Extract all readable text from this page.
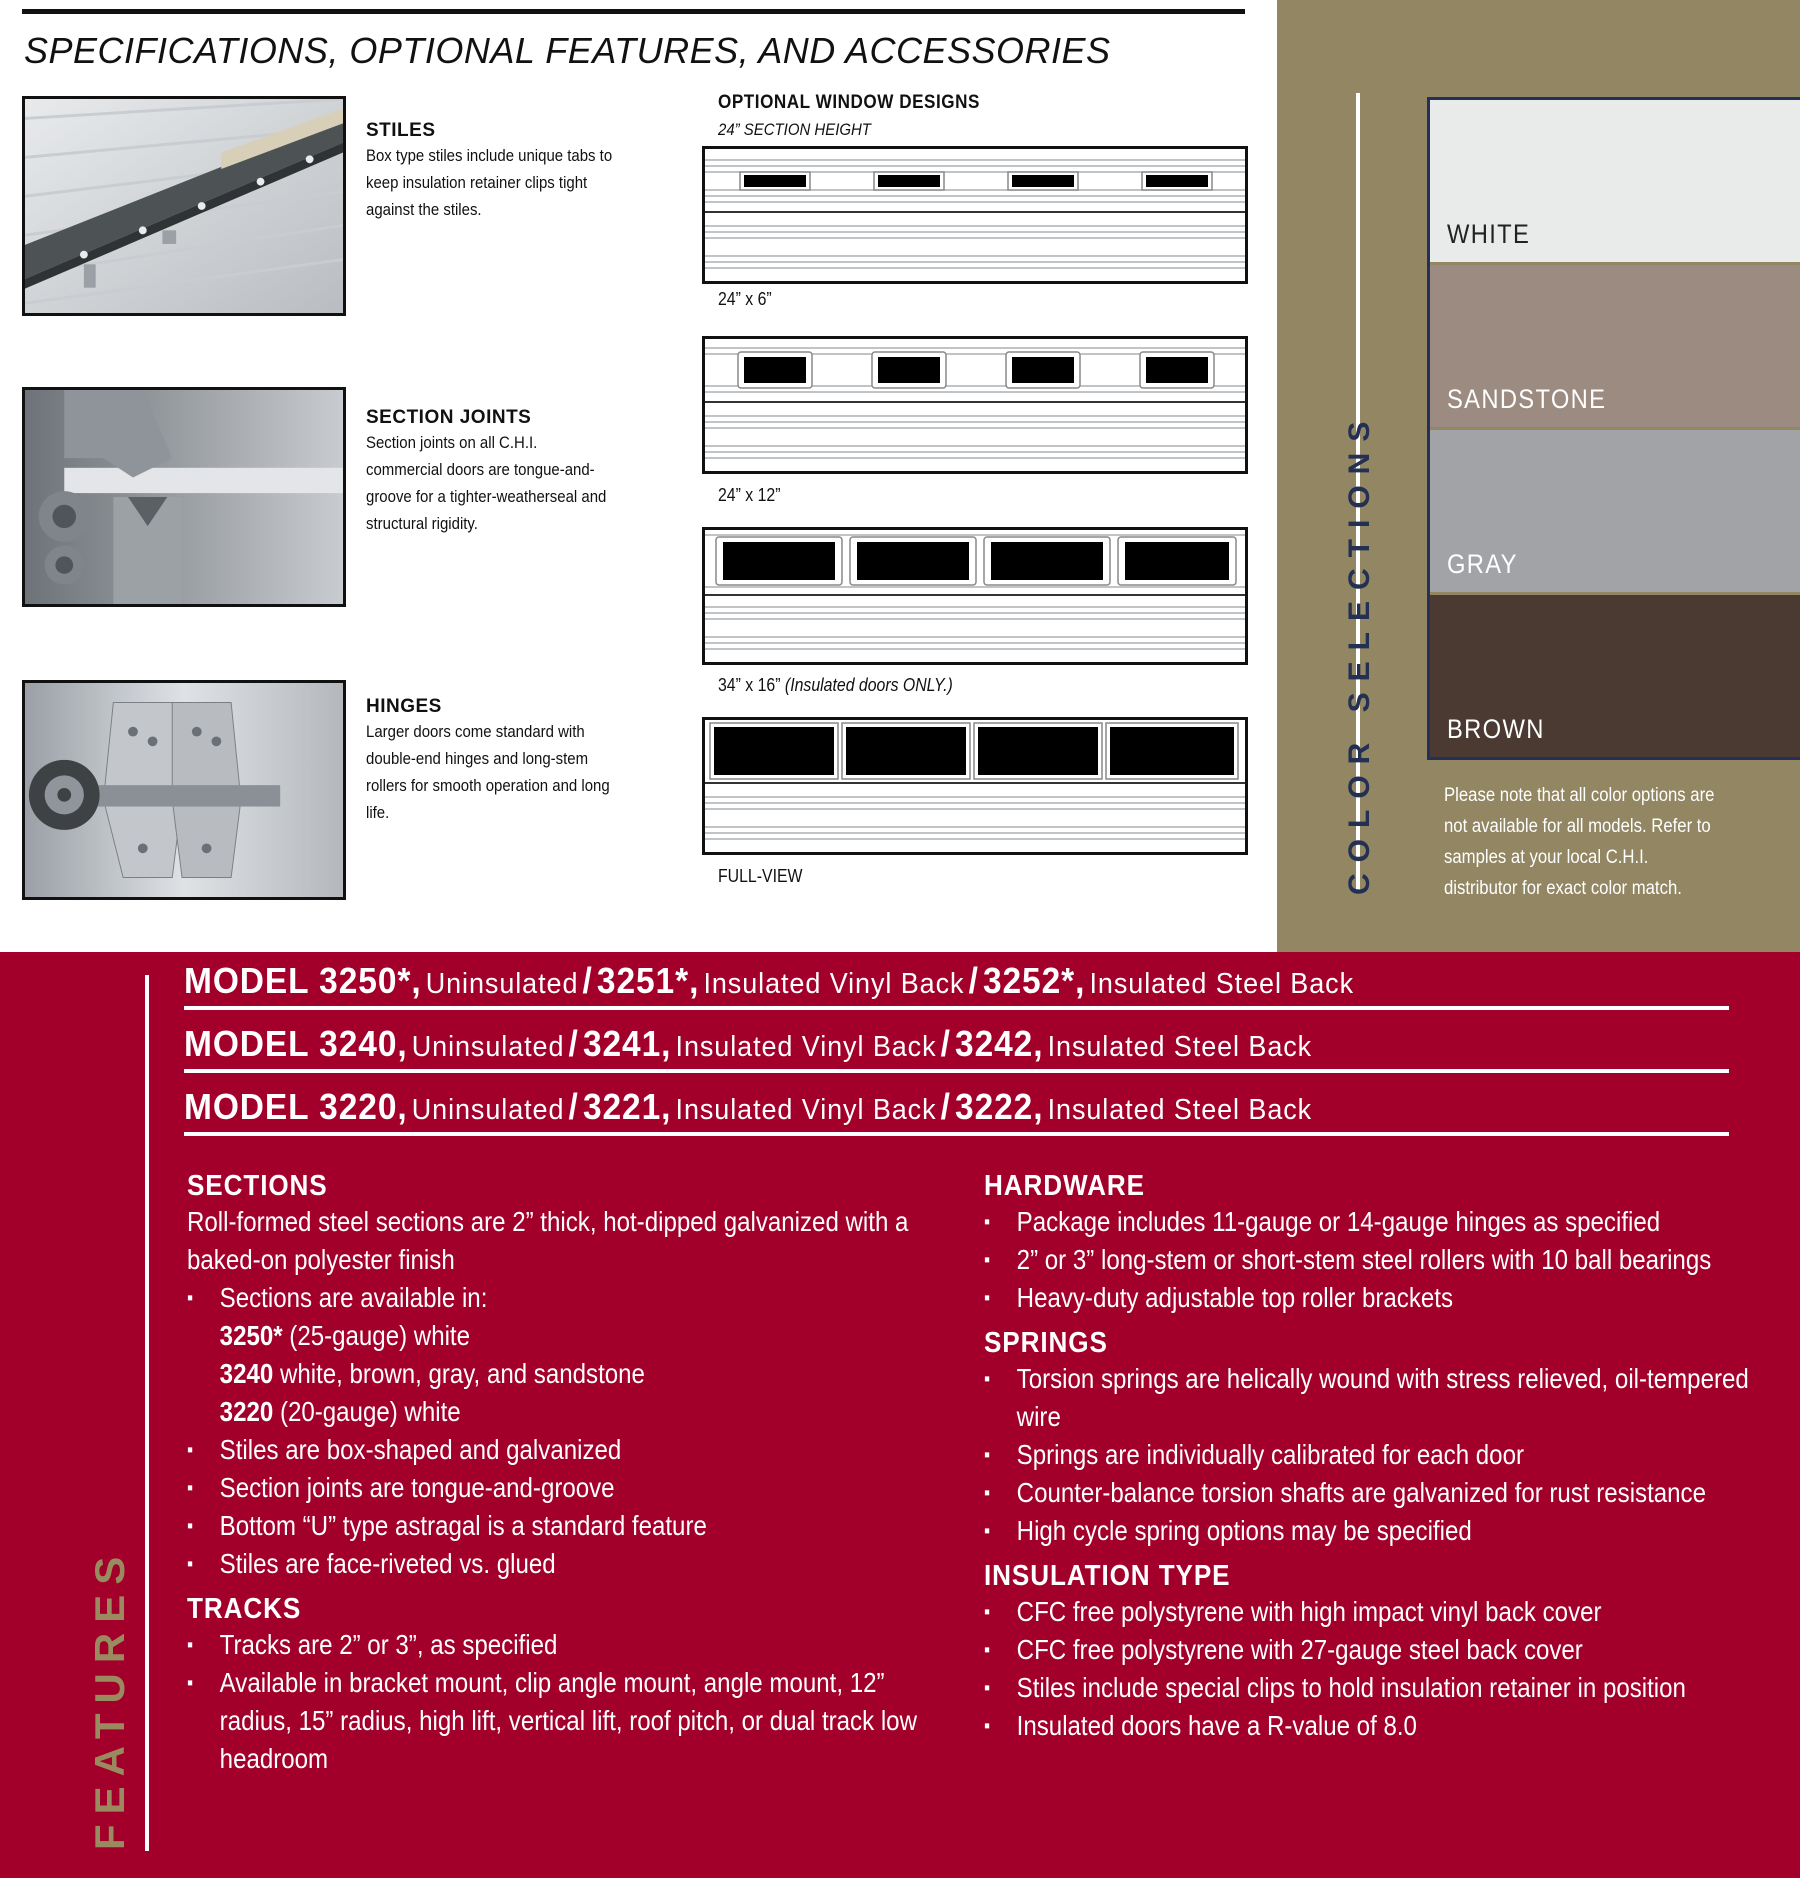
SPECIFICATIONS, OPTIONAL FEATURES, AND ACCESSORIES
STILES
Box type stiles include unique tabs to keep insulation retainer clips tight against the stiles.
SECTION JOINTS
Section joints on all C.H.I. commercial doors are tongue-and-groove for a tighter-weatherseal and structural rigidity.
HINGES
Larger doors come standard with double-end hinges and long-stem rollers for smooth operation and long life.
OPTIONAL WINDOW DESIGNS
24” SECTION HEIGHT
24” x 6”
24” x 12”
34” x 16” (Insulated doors ONLY.)
FULL-VIEW	COLOR SELECTIONS
WHITE
SANDSTONE
GRAY
BROWN
Please note that all color options are not available for all models. Refer to samples at your local C.H.I. distributor for exact color match.
FEATURES
MODEL 3250*, Uninsulated / 3251*, Insulated Vinyl Back / 3252*, Insulated Steel Back
MODEL 3240, Uninsulated / 3241, Insulated Vinyl Back / 3242, Insulated Steel Back
MODEL 3220, Uninsulated / 3221, Insulated Vinyl Back / 3222, Insulated Steel Back
SECTIONS

Roll-formed steel sections are 2” thick, hot-dipped galvanized with a baked-on polyester finish

▪ Sections are available in:
3250* (25-gauge) white
3240 white, brown, gray, and sandstone
3220 (20-gauge) white
▪ Stiles are box-shaped and galvanized
▪ Section joints are tongue-and-groove
▪ Bottom “U” type astragal is a standard feature
▪ Stiles are face-riveted vs. glued
TRACKS
▪ Tracks are 2” or 3”, as specified
▪ Available in bracket mount, clip angle mount, angle mount, 12” radius, 15” radius, high lift, vertical lift, roof pitch, or dual track low headroom
HARDWARE
▪ Package includes 11-gauge or 14-gauge hinges as specified
▪ 2” or 3” long-stem or short-stem steel rollers with 10 ball bearings
▪ Heavy-duty adjustable top roller brackets
SPRINGS
▪ Torsion springs are helically wound with stress relieved, oil-tempered wire
▪ Springs are individually calibrated for each door
▪ Counter-balance torsion shafts are galvanized for rust resistance
▪ High cycle spring options may be specified
INSULATION TYPE
▪ CFC free polystyrene with high impact vinyl back cover
▪ CFC free polystyrene with 27-gauge steel back cover
▪ Stiles include special clips to hold insulation retainer in position
▪ Insulated doors have a R-value of 8.0
